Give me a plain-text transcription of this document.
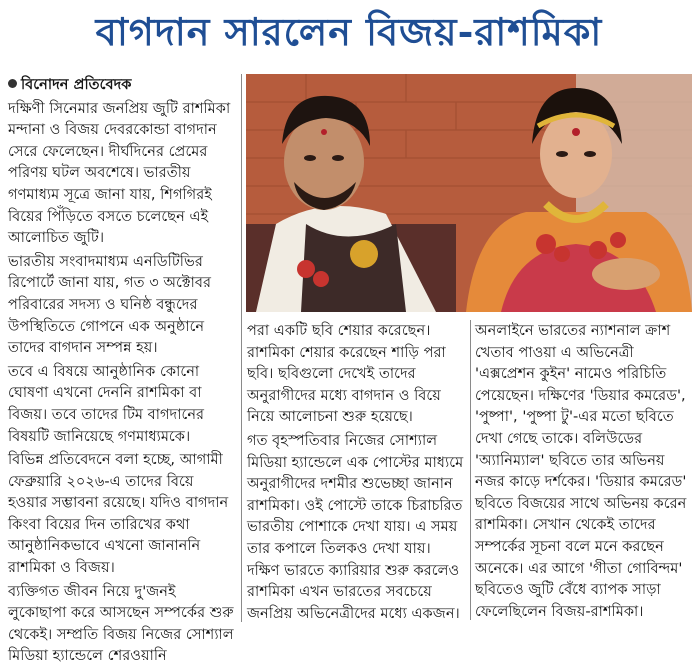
বাগদান সারলেন বিজয়-রাশমিকা

বিনোদন প্রতিবেদক

দক্ষিণী সিনেমার জনপ্রিয় জুটি রাশমিকা মন্দানা ও বিজয় দেবরকোন্ডা বাগদান সেরে ফেলেছেন। দীর্ঘদিনের প্রেমের পরিণয় ঘটল অবশেষে। ভারতীয় গণমাধ্যম সূত্রে জানা যায়, শিগগিরই বিয়ের পিঁড়িতে বসতে চলেছেন এই আলোচিত জুটি।

ভারতীয় সংবাদমাধ্যম এনডিটিভির রিপোর্টে জানা যায়, গত ৩ অক্টোবর পরিবারের সদস্য ও ঘনিষ্ঠ বন্ধুদের উপস্থিতিতে গোপনে এক অনুষ্ঠানে তাদের বাগদান সম্পন্ন হয়।

তবে এ বিষয়ে আনুষ্ঠানিক কোনো ঘোষণা এখনো দেননি রাশমিকা বা বিজয়। তবে তাদের টিম বাগদানের বিষয়টি জানিয়েছে গণমাধ্যমকে।

বিভিন্ন প্রতিবেদনে বলা হচ্ছে, আগামী ফেব্রুয়ারি ২০২৬-এ তাদের বিয়ে হওয়ার সম্ভাবনা রয়েছে। যদিও বাগদান কিংবা বিয়ের দিন তারিখের কথা আনুষ্ঠানিকভাবে এখনো জানাননি রাশমিকা ও বিজয়।

ব্যক্তিগত জীবন নিয়ে দু'জনই লুকোছাপা করে আসছেন সম্পর্কের শুরু থেকেই। সম্প্রতি বিজয় নিজের সোশ্যাল মিডিয়া হ্যান্ডেলে শেরওয়ানি

পরা একটি ছবি শেয়ার করেছেন। রাশমিকা শেয়ার করেছেন শাড়ি পরা ছবি। ছবিগুলো দেখেই তাদের অনুরাগীদের মধ্যে বাগদান ও বিয়ে নিয়ে আলোচনা শুরু হয়েছে।

গত বৃহস্পতিবার নিজের সোশ্যাল মিডিয়া হ্যান্ডেলে এক পোস্টের মাধ্যমে অনুরাগীদের দশমীর শুভেচ্ছা জানান রাশমিকা। ওই পোস্টে তাকে চিরাচরিত ভারতীয় পোশাকে দেখা যায়। এ সময় তার কপালে তিলকও দেখা যায়। দক্ষিণ ভারতে ক্যারিয়ার শুরু করলেও রাশমিকা এখন ভারতের সবচেয়ে জনপ্রিয় অভিনেত্রীদের মধ্যে একজন।

অনলাইনে ভারতের ন্যাশনাল ক্রাশ খেতাব পাওয়া এ অভিনেত্রী 'এক্সপ্রেশন কুইন' নামেও পরিচিতি পেয়েছেন। দক্ষিণের 'ডিয়ার কমরেড', 'পুষ্পা', 'পুষ্পা টু'-এর মতো ছবিতে দেখা গেছে তাকে। বলিউডের 'অ্যানিম্যাল' ছবিতে তার অভিনয় নজর কাড়ে দর্শকের। 'ডিয়ার কমরেড' ছবিতে বিজয়ের সাথে অভিনয় করেন রাশমিকা। সেখান থেকেই তাদের সম্পর্কের সূচনা বলে মনে করছেন অনেকে। এর আগে 'গীতা গোবিন্দম' ছবিতেও জুটি বেঁধে ব্যাপক সাড়া ফেলেছিলেন বিজয়-রাশমিকা।
